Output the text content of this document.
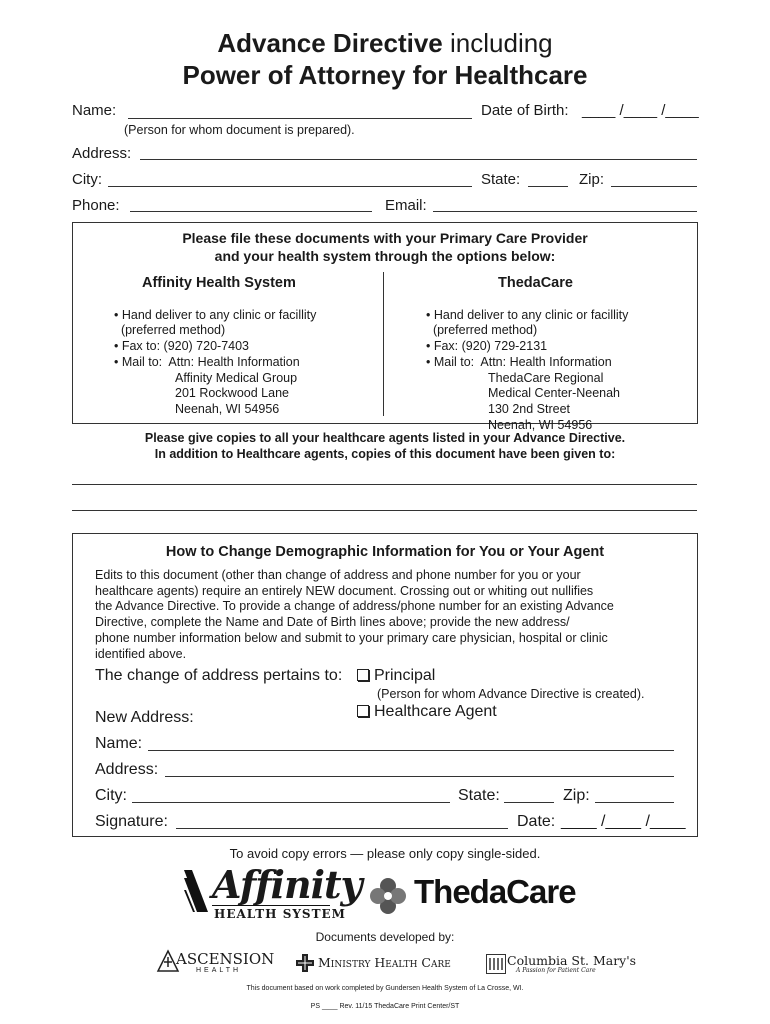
Advance Directive including
Power of Attorney for Healthcare
Name:	Date of Birth: ____ /____ /____
(Person for whom document is prepared).
Address:
City:	State:	Zip:
Phone:	Email:
Please file these documents with your Primary Care Provider
and your health system through the options below:
Affinity Health System

• Hand deliver to any clinic or facillity
(preferred method)
• Fax to: (920) 720-7403
• Mail to:  Attn: Health Information
Affinity Medical Group
201 Rockwood Lane
Neenah, WI 54956

ThedaCare

• Hand deliver to any clinic or facillity
(preferred method)
• Fax: (920) 729-2131
• Mail to:  Attn: Health Information
ThedaCare Regional
Medical Center-Neenah
130 2nd Street
Neenah, WI 54956

Please give copies to all your healthcare agents listed in your Advance Directive.
In addition to Healthcare agents, copies of this document have been given to:
How to Change Demographic Information for You or Your Agent
Edits to this document (other than change of address and phone number for you or your
healthcare agents) require an entirely NEW document. Crossing out or whiting out nullifies
the Advance Directive. To provide a change of address/phone number for an existing Advance
Directive, complete the Name and Date of Birth lines above; provide the new address/
phone number information below and submit to your primary care physician, hospital or clinic
identified above.
The change of address pertains to:	Principal
(Person for whom Advance Directive is created).
Healthcare Agent
New Address:
Name:
Address:
City:	State:	Zip:
Signature:	Date: ____ /____ /____
To avoid copy errors — please only copy single-sided.
Affinity
HEALTH SYSTEM
ThedaCare
Documents developed by:
ASCENSION
HEALTH
Ministry Health Care	Columbia St. Mary's
A Passion for Patient Care
This document based on work completed by Gundersen Health System of La Crosse, WI.
PS ____ Rev. 11/15 ThedaCare Print Center/ST
